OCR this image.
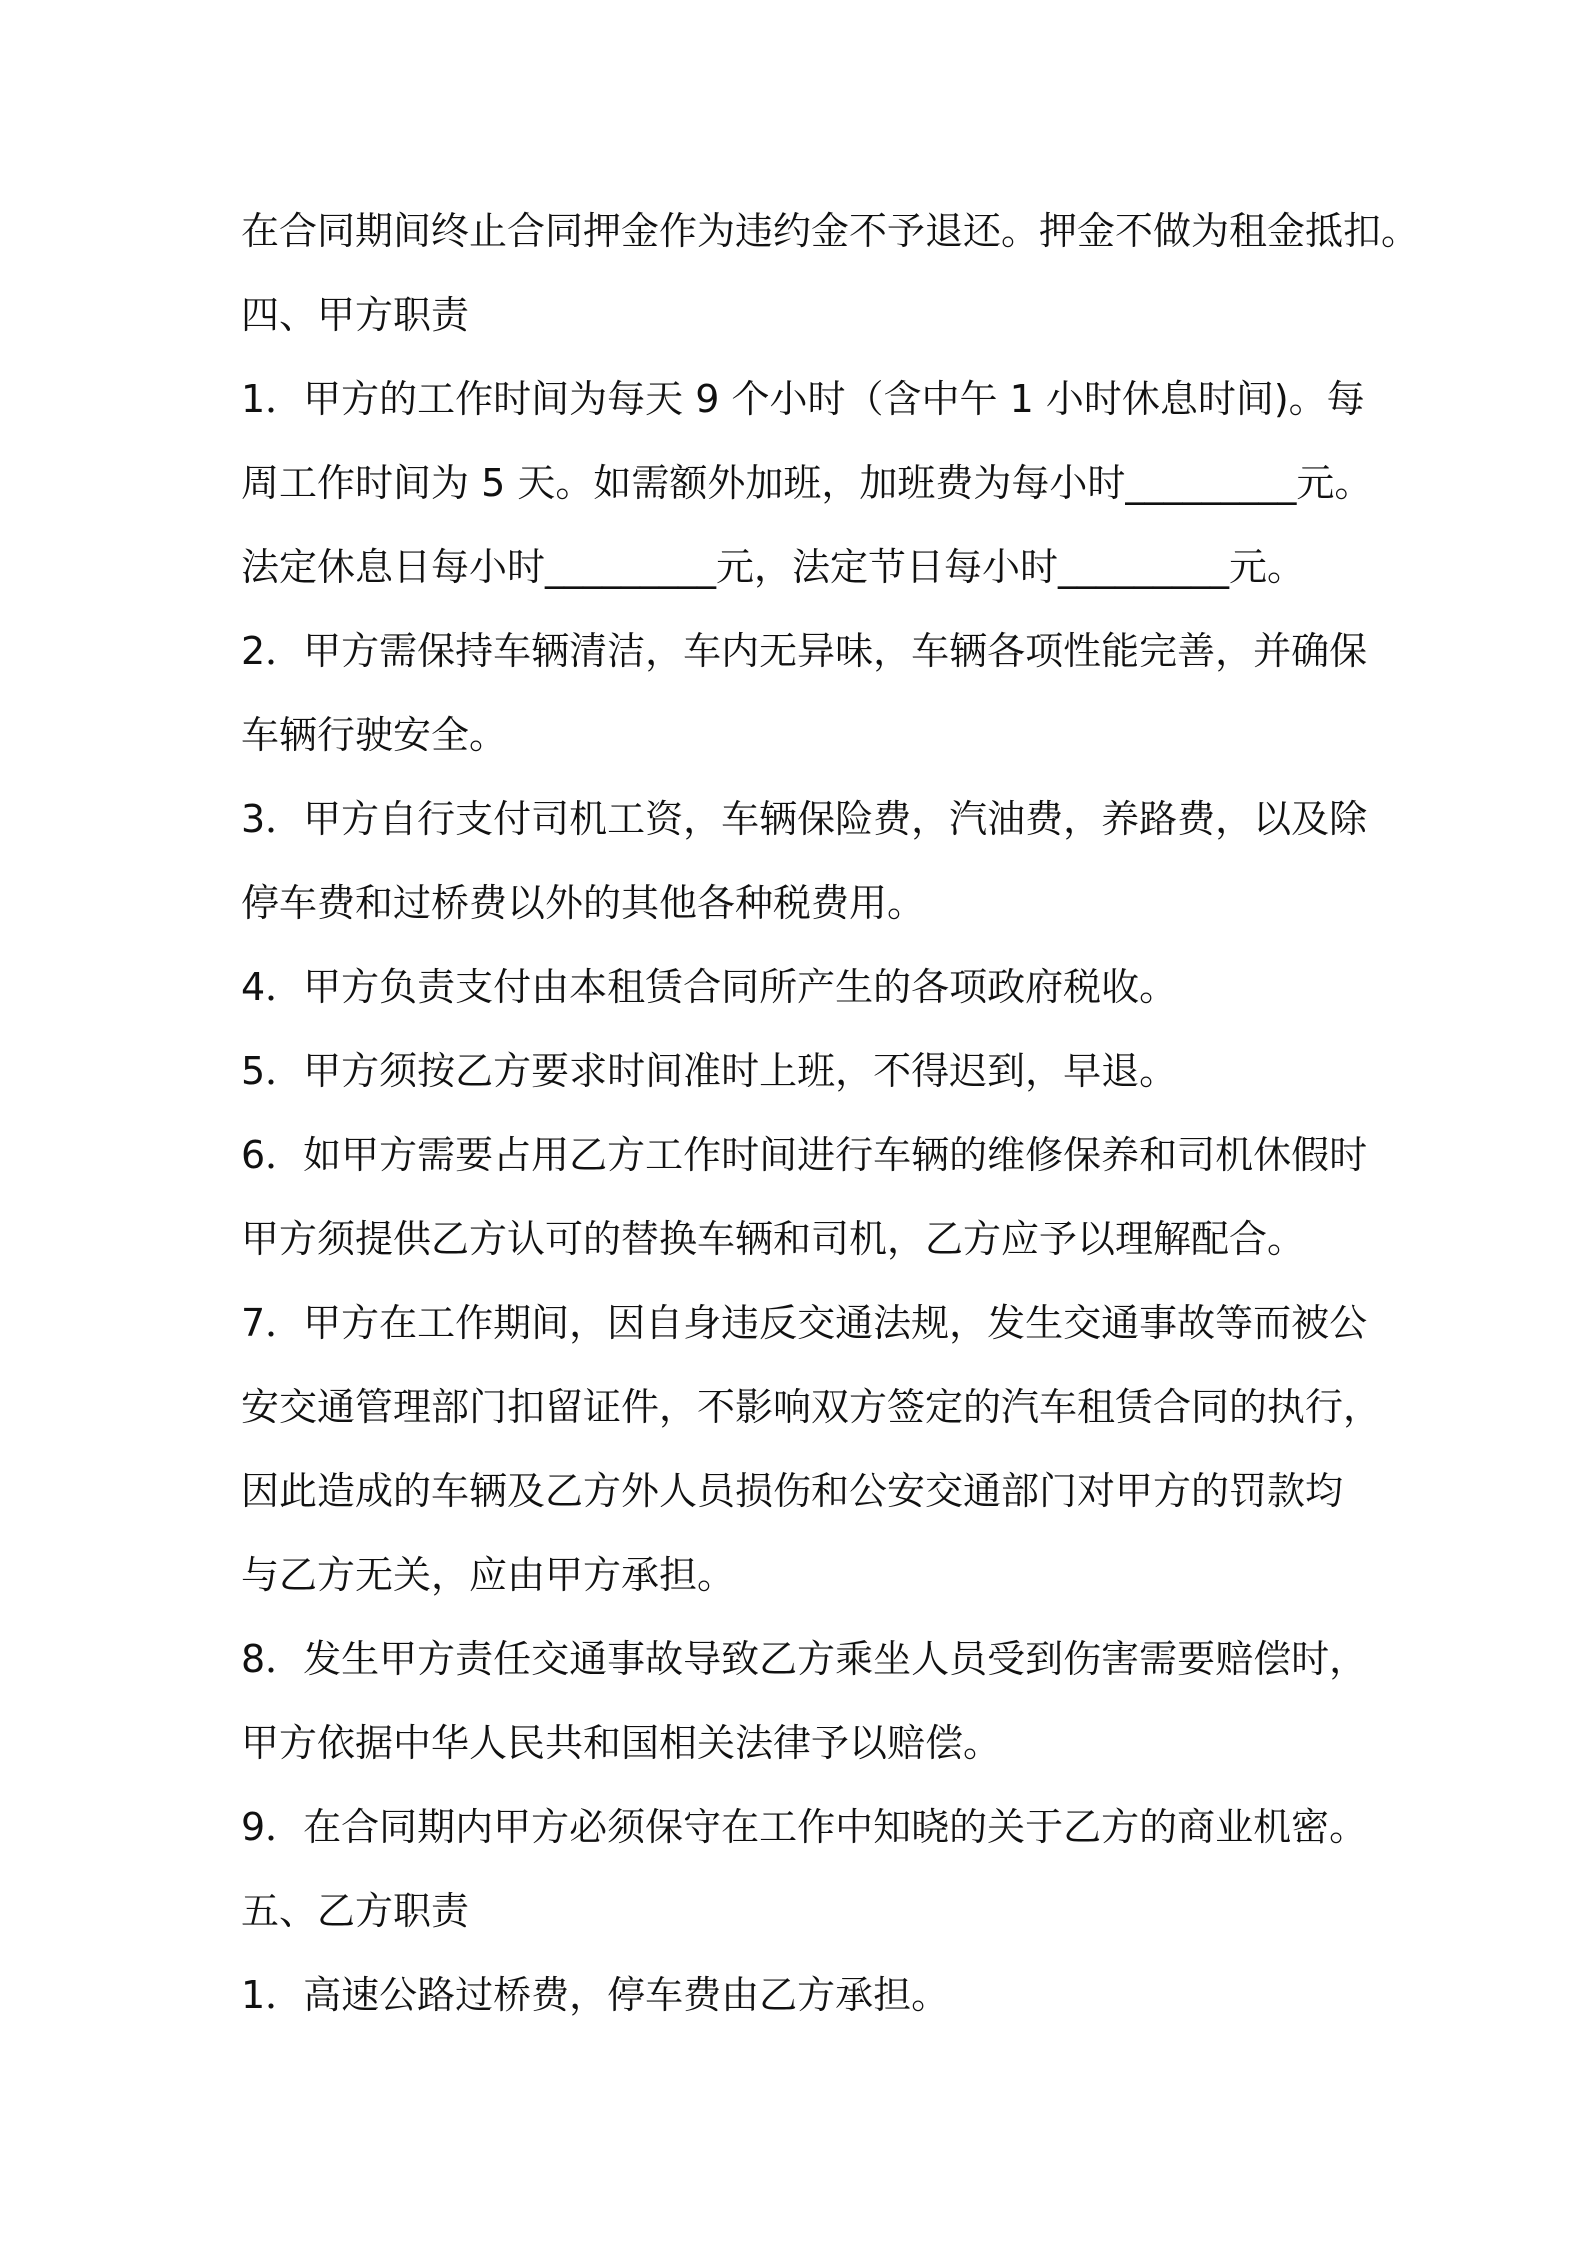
在合同期间终止合同押金作为违约金不予退还。押金不做为租金抵扣。
四、甲方职责
1．甲方的工作时间为每天 9 个小时（含中午 1 小时休息时间)。每
周工作时间为 5 天。如需额外加班，加班费为每小时_________元。
法定休息日每小时_________元，法定节日每小时_________元。
2．甲方需保持车辆清洁，车内无异味，车辆各项性能完善，并确保
车辆行驶安全。
3．甲方自行支付司机工资，车辆保险费，汽油费，养路费，以及除
停车费和过桥费以外的其他各种税费用。
4．甲方负责支付由本租赁合同所产生的各项政府税收。
5．甲方须按乙方要求时间准时上班，不得迟到，早退。
6．如甲方需要占用乙方工作时间进行车辆的维修保养和司机休假时
甲方须提供乙方认可的替换车辆和司机，乙方应予以理解配合。
7．甲方在工作期间，因自身违反交通法规，发生交通事故等而被公
安交通管理部门扣留证件，不影响双方签定的汽车租赁合同的执行，
因此造成的车辆及乙方外人员损伤和公安交通部门对甲方的罚款均
与乙方无关，应由甲方承担。
8．发生甲方责任交通事故导致乙方乘坐人员受到伤害需要赔偿时，
甲方依据中华人民共和国相关法律予以赔偿。
9．在合同期内甲方必须保守在工作中知晓的关于乙方的商业机密。
五、乙方职责
1．高速公路过桥费，停车费由乙方承担。
